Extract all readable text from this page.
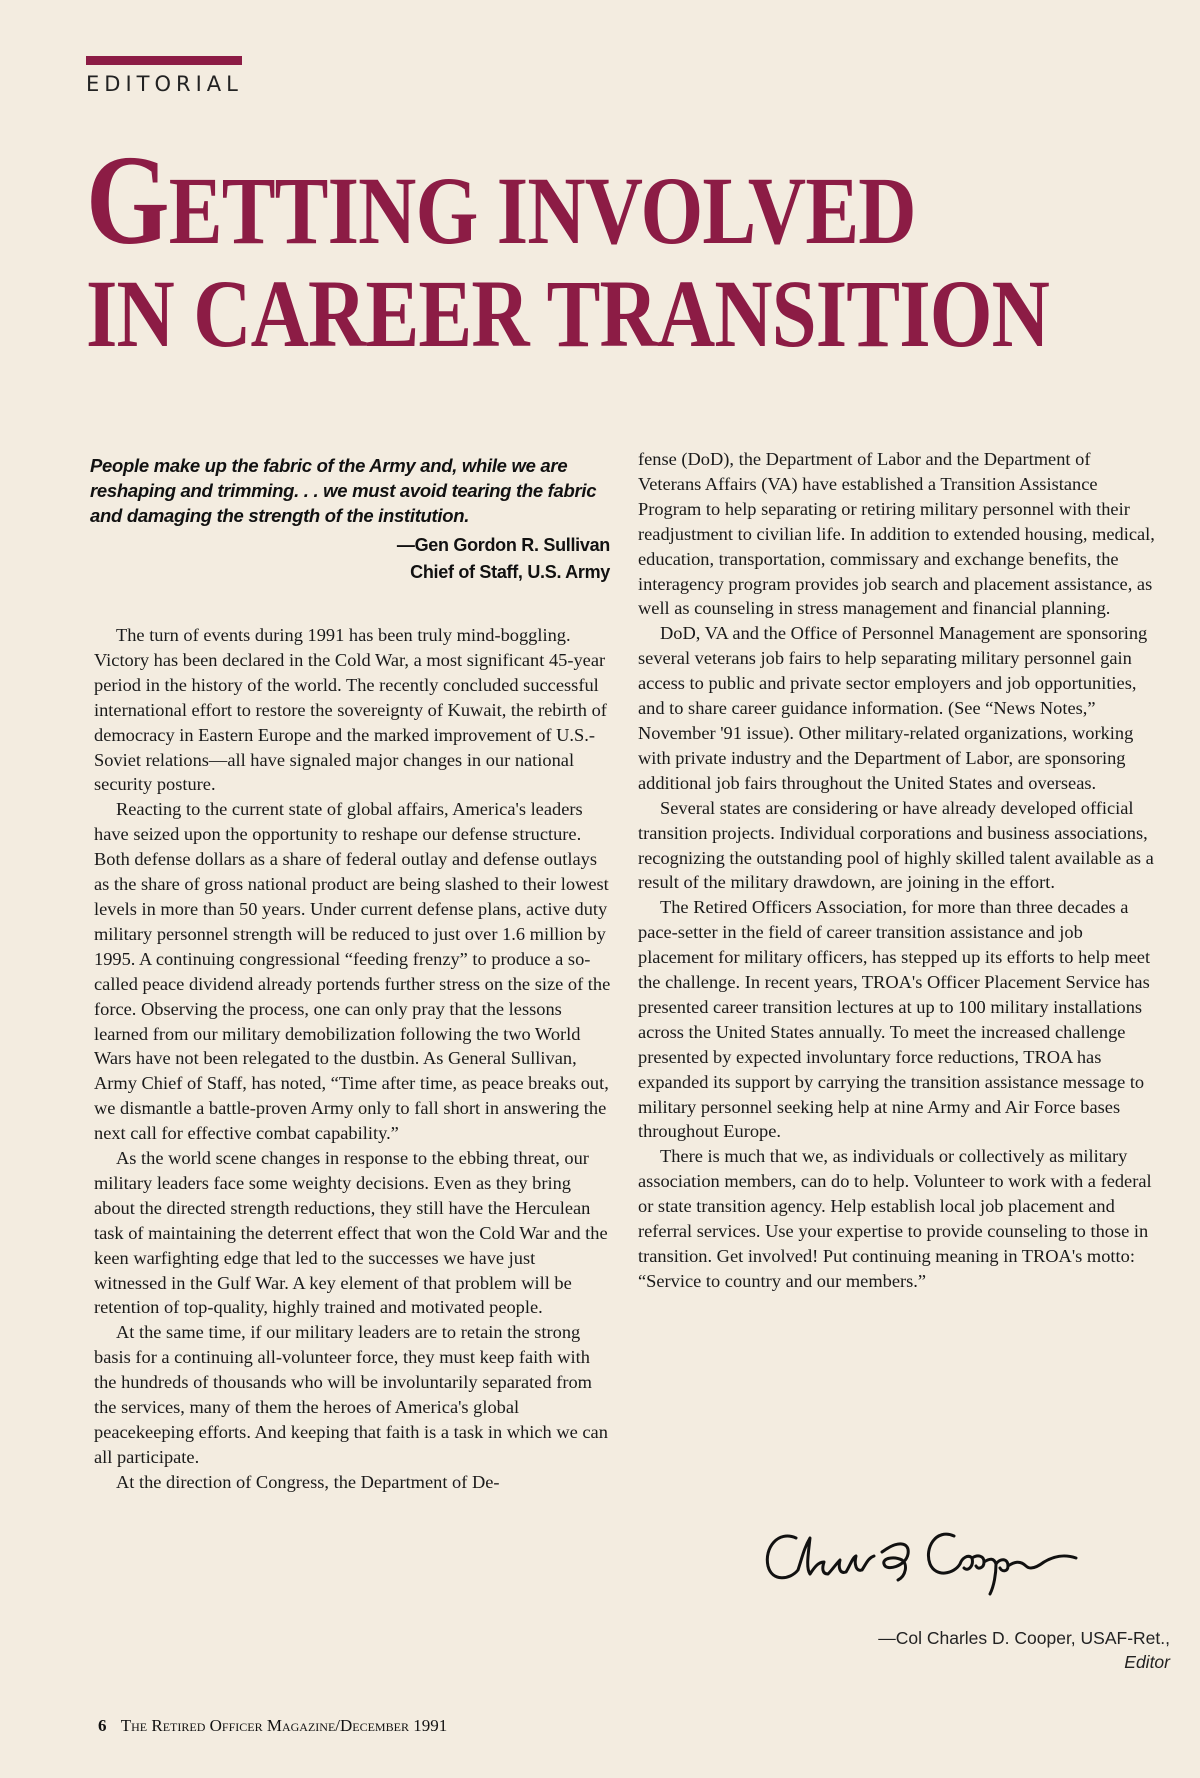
EDITORIAL
GETTING INVOLVED
IN CAREER TRANSITION
People make up the fabric of the Army and, while we are reshaping and trimming. . . we must avoid tearing the fabric and damaging the strength of the institution.
—Gen Gordon R. Sullivan
Chief of Staff, U.S. Army

The turn of events during 1991 has been truly mind-boggling. Victory has been declared in the Cold War, a most significant 45-year period in the history of the world. The recently concluded successful international effort to restore the sovereignty of Kuwait, the rebirth of democracy in Eastern Europe and the marked improvement of U.S.-Soviet relations—all have signaled major changes in our national security posture.

Reacting to the current state of global affairs, America's leaders have seized upon the opportunity to reshape our defense structure. Both defense dollars as a share of federal outlay and defense outlays as the share of gross national product are being slashed to their lowest levels in more than 50 years. Under current defense plans, active duty military personnel strength will be reduced to just over 1.6 million by 1995. A continuing congressional “feeding frenzy” to produce a so-called peace dividend already portends further stress on the size of the force. Observing the process, one can only pray that the lessons learned from our military demobilization following the two World Wars have not been relegated to the dustbin. As General Sullivan, Army Chief of Staff, has noted, “Time after time, as peace breaks out, we dismantle a battle-proven Army only to fall short in answering the next call for effective combat capability.”

As the world scene changes in response to the ebbing threat, our military leaders face some weighty decisions. Even as they bring about the directed strength reductions, they still have the Herculean task of maintaining the deterrent effect that won the Cold War and the keen warfighting edge that led to the successes we have just witnessed in the Gulf War. A key element of that problem will be retention of top-quality, highly trained and motivated people.

At the same time, if our military leaders are to retain the strong basis for a continuing all-volunteer force, they must keep faith with the hundreds of thousands who will be involuntarily separated from the services, many of them the heroes of America's global peacekeeping efforts. And keeping that faith is a task in which we can all participate.

At the direction of Congress, the Department of De-

fense (DoD), the Department of Labor and the Department of Veterans Affairs (VA) have established a Transition Assistance Program to help separating or retiring military personnel with their readjustment to civilian life. In addition to extended housing, medical, education, transportation, commissary and exchange benefits, the interagency program provides job search and placement assistance, as well as counseling in stress management and financial planning.

DoD, VA and the Office of Personnel Management are sponsoring several veterans job fairs to help separating military personnel gain access to public and private sector employers and job opportunities, and to share career guidance information. (See “News Notes,” November '91 issue). Other military-related organizations, working with private industry and the Department of Labor, are sponsoring additional job fairs throughout the United States and overseas.

Several states are considering or have already developed official transition projects. Individual corporations and business associations, recognizing the outstanding pool of highly skilled talent available as a result of the military drawdown, are joining in the effort.

The Retired Officers Association, for more than three decades a pace-setter in the field of career transition assistance and job placement for military officers, has stepped up its efforts to help meet the challenge. In recent years, TROA's Officer Placement Service has presented career transition lectures at up to 100 military installations across the United States annually. To meet the increased challenge presented by expected involuntary force reductions, TROA has expanded its support by carrying the transition assistance message to military personnel seeking help at nine Army and Air Force bases throughout Europe.

There is much that we, as individuals or collectively as military association members, can do to help. Volunteer to work with a federal or state transition agency. Help establish local job placement and referral services. Use your expertise to provide counseling to those in transition. Get involved! Put continuing meaning in TROA's motto: “Service to country and our members.”

—Col Charles D. Cooper, USAF-Ret.,
Editor
6 The Retired Officer Magazine/December 1991
